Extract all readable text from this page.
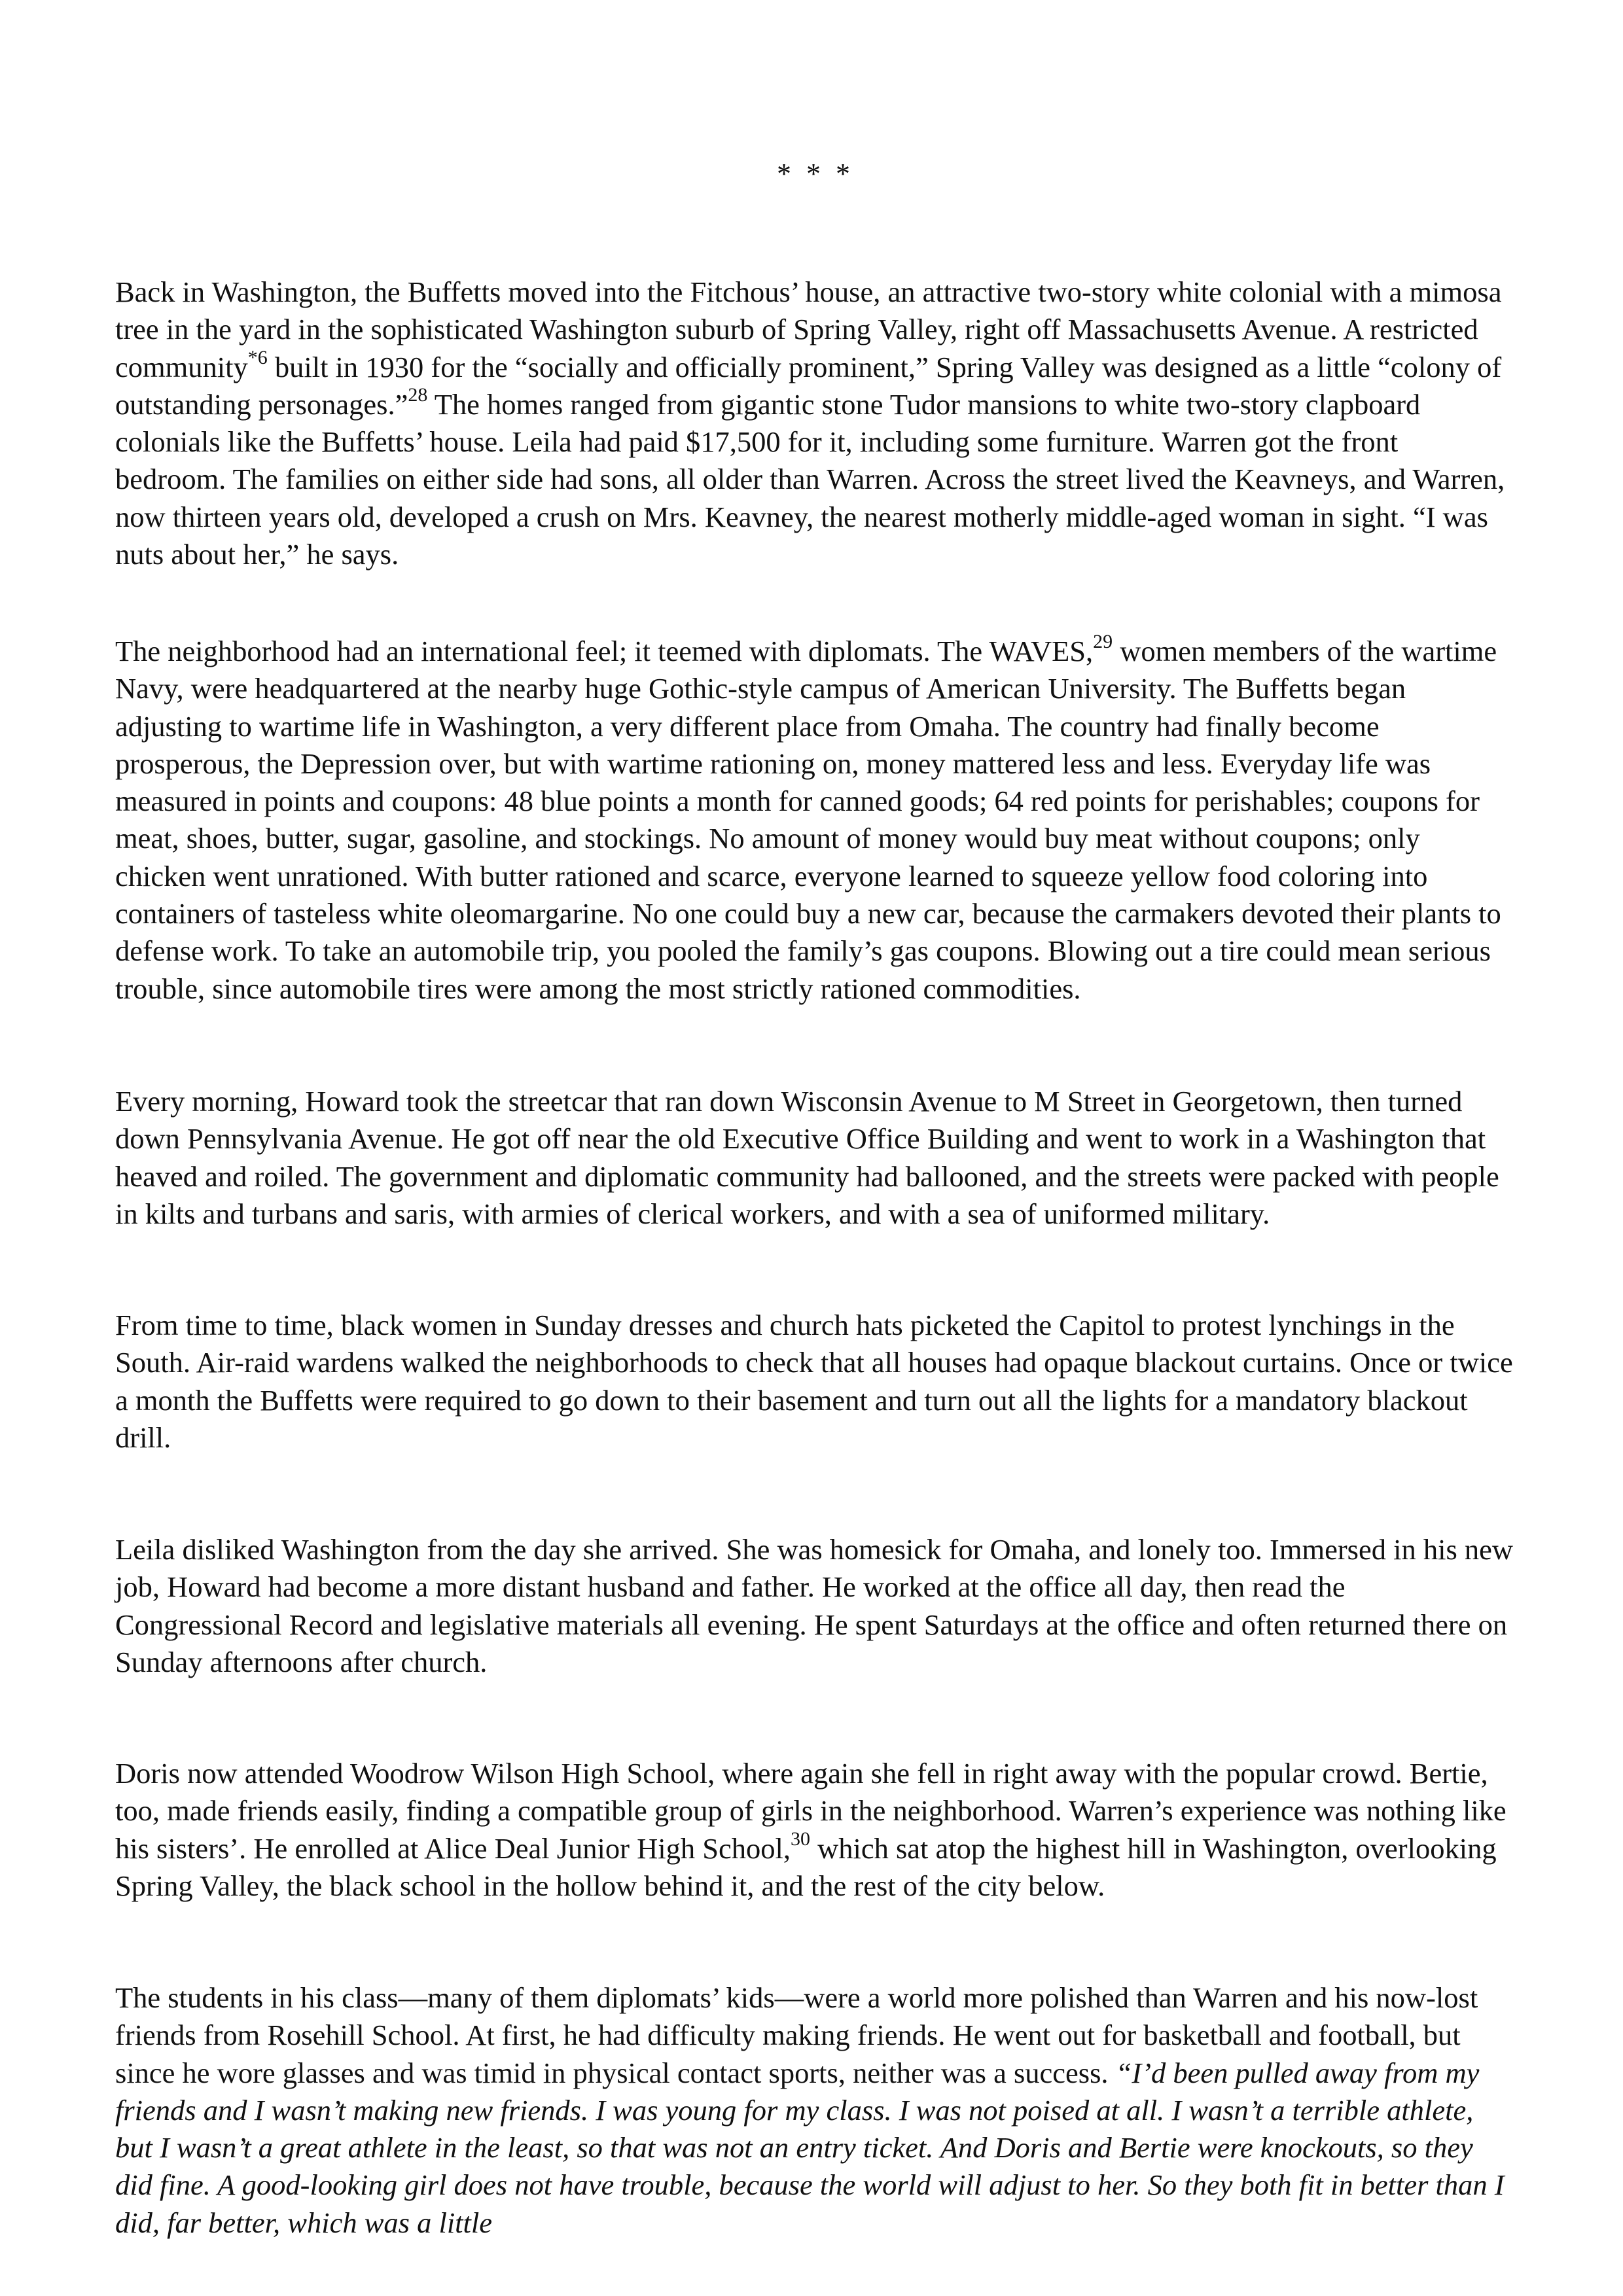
* * *

Back in Washington, the Buffetts moved into the Fitchous’ house, an attractive two-story white colonial with a mimosa tree in the yard in the sophisticated Washington suburb of Spring Valley, right off Massachusetts Avenue. A restricted community$^{*6}$ built in 1930 for the “socially and officially prominent,” Spring Valley was designed as a little “colony of outstanding personages.”$^{28}$ The homes ranged from gigantic stone Tudor mansions to white two-story clapboard colonials like the Buffetts’ house. Leila had paid $17,500 for it, including some furniture. Warren got the front bedroom. The families on either side had sons, all older than Warren. Across the street lived the Keavneys, and Warren, now thirteen years old, developed a crush on Mrs. Keavney, the nearest motherly middle-aged woman in sight. “I was nuts about her,” he says.

The neighborhood had an international feel; it teemed with diplomats. The WAVES,$^{29}$ women members of the wartime Navy, were headquartered at the nearby huge Gothic-style campus of American University. The Buffetts began adjusting to wartime life in Washington, a very different place from Omaha. The country had finally become prosperous, the Depression over, but with wartime rationing on, money mattered less and less. Everyday life was measured in points and coupons: 48 blue points a month for canned goods; 64 red points for perishables; coupons for meat, shoes, butter, sugar, gasoline, and stockings. No amount of money would buy meat without coupons; only chicken went unrationed. With butter rationed and scarce, everyone learned to squeeze yellow food coloring into containers of tasteless white oleomargarine. No one could buy a new car, because the carmakers devoted their plants to defense work. To take an automobile trip, you pooled the family’s gas coupons. Blowing out a tire could mean serious trouble, since automobile tires were among the most strictly rationed commodities.

Every morning, Howard took the streetcar that ran down Wisconsin Avenue to M Street in Georgetown, then turned down Pennsylvania Avenue. He got off near the old Executive Office Building and went to work in a Washington that heaved and roiled. The government and diplomatic community had ballooned, and the streets were packed with people in kilts and turbans and saris, with armies of clerical workers, and with a sea of uniformed military.

From time to time, black women in Sunday dresses and church hats picketed the Capitol to protest lynchings in the South. Air-raid wardens walked the neighborhoods to check that all houses had opaque blackout curtains. Once or twice a month the Buffetts were required to go down to their basement and turn out all the lights for a mandatory blackout drill.

Leila disliked Washington from the day she arrived. She was homesick for Omaha, and lonely too. Immersed in his new job, Howard had become a more distant husband and father. He worked at the office all day, then read the Congressional Record and legislative materials all evening. He spent Saturdays at the office and often returned there on Sunday afternoons after church.

Doris now attended Woodrow Wilson High School, where again she fell in right away with the popular crowd. Bertie, too, made friends easily, finding a compatible group of girls in the neighborhood. Warren’s experience was nothing like his sisters’. He enrolled at Alice Deal Junior High School,$^{30}$ which sat atop the highest hill in Washington, overlooking Spring Valley, the black school in the hollow behind it, and the rest of the city below.

The students in his class—many of them diplomats’ kids—were a world more polished than Warren and his now-lost friends from Rosehill School. At first, he had difficulty making friends. He went out for basketball and football, but since he wore glasses and was timid in physical contact sports, neither was a success. “I’d been pulled away from my friends and I wasn’t making new friends. I was young for my class. I was not poised at all. I wasn’t a terrible athlete, but I wasn’t a great athlete in the least, so that was not an entry ticket. And Doris and Bertie were knockouts, so they did fine. A good-looking girl does not have trouble, because the world will adjust to her. So they both fit in better than I did, far better, which was a little
